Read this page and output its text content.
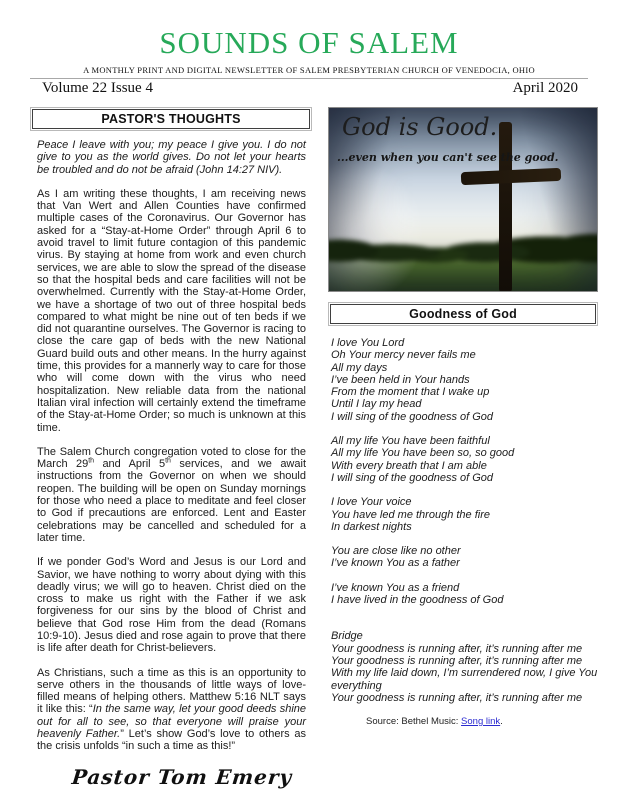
SOUNDS OF SALEM
A MONTHLY PRINT AND DIGITAL NEWSLETTER OF SALEM PRESBYTERIAN CHURCH OF VENEDOCIA, OHIO
Volume 22 Issue 4	April 2020
PASTOR'S THOUGHTS

Peace I leave with you; my peace I give you. I do not give to you as the world gives. Do not let your hearts be troubled and do not be afraid (John 14:27 NIV).

As I am writing these thoughts, I am receiving news that Van Wert and Allen Counties have confirmed multiple cases of the Coronavirus. Our Governor has asked for a “Stay-at-Home Order” through April 6 to avoid travel to limit future contagion of this pandemic virus. By staying at home from work and even church services, we are able to slow the spread of the disease so that the hospital beds and care facilities will not be overwhelmed. Currently with the Stay-at-Home Order, we have a shortage of two out of three hospital beds compared to what might be nine out of ten beds if we did not quarantine ourselves. The Governor is racing to close the care gap of beds with the new National Guard build outs and other means. In the hurry against time, this provides for a mannerly way to care for those who will come down with the virus who need hospitalization. New reliable data from the national Italian viral infection will certainly extend the timeframe of the Stay-at-Home Order; so much is unknown at this time.

The Salem Church congregation voted to close for the March 29th and April 5th services, and we await instructions from the Governor on when we should reopen. The building will be open on Sunday mornings for those who need a place to meditate and feel closer to God if precautions are enforced. Lent and Easter celebrations may be cancelled and scheduled for a later time.

If we ponder God’s Word and Jesus is our Lord and Savior, we have nothing to worry about dying with this deadly virus; we will go to heaven. Christ died on the cross to make us right with the Father if we ask forgiveness for our sins by the blood of Christ and believe that God rose Him from the dead (Romans 10:9-10). Jesus died and rose again to prove that there is life after death for Christ-believers.

As Christians, such a time as this is an opportunity to serve others in the thousands of little ways of love-filled means of helping others. Matthew 5:16 NLT says it like this: “In the same way, let your good deeds shine out for all to see, so that everyone will praise your heavenly Father.” Let’s show God’s love to others as the crisis unfolds “in such a time as this!”

Pastor Tom Emery
God is Good.
...even when you can't see the good.
Goodness of God
I love You Lord
Oh Your mercy never fails me
All my days
I’ve been held in Your hands
From the moment that I wake up
Until I lay my head
I will sing of the goodness of God
All my life You have been faithful
All my life You have been so, so good
With every breath that I am able
I will sing of the goodness of God
I love Your voice
You have led me through the fire
In darkest nights
You are close like no other
I’ve known You as a father
I’ve known You as a friend
I have lived in the goodness of God
Bridge
Your goodness is running after, it’s running after me
Your goodness is running after, it’s running after me
With my life laid down, I’m surrendered now, I give You everything
Your goodness is running after, it’s running after me
Source: Bethel Music: Song link.
